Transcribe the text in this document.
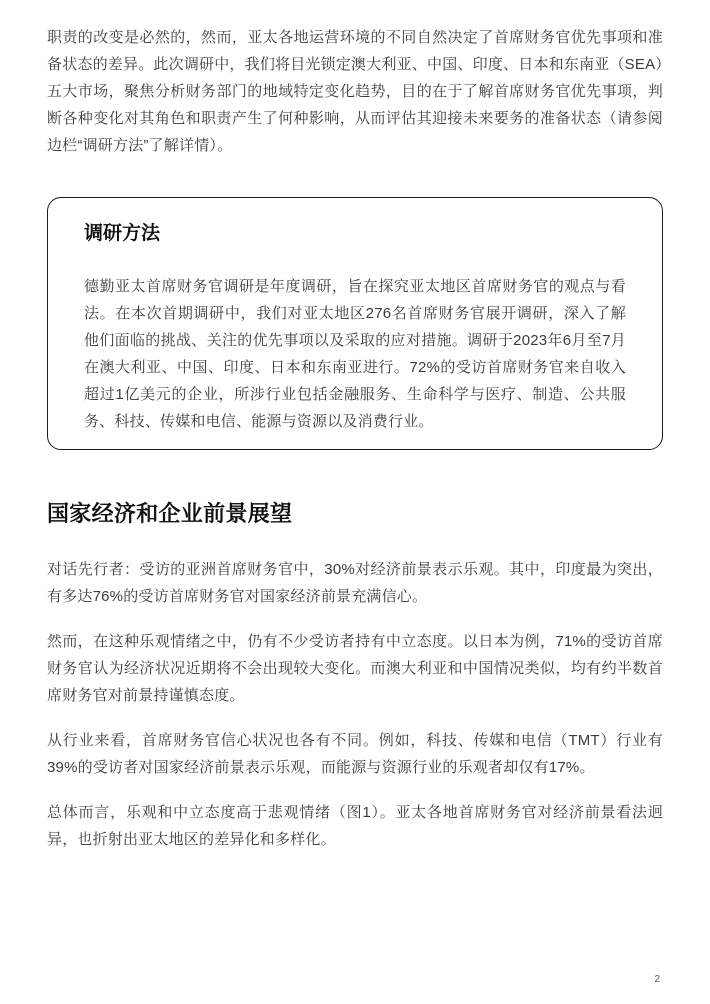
职责的改变是必然的，然而，亚太各地运营环境的不同自然决定了首席财务官优先事项和准备状态的差异。此次调研中，我们将目光锁定澳大利亚、中国、印度、日本和东南亚（SEA）五大市场，聚焦分析财务部门的地域特定变化趋势，目的在于了解首席财务官优先事项，判断各种变化对其角色和职责产生了何种影响，从而评估其迎接未来要务的准备状态（请参阅边栏“调研方法”了解详情）。

调研方法

德勤亚太首席财务官调研是年度调研，旨在探究亚太地区首席财务官的观点与看法。在本次首期调研中，我们对亚太地区276名首席财务官展开调研，深入了解他们面临的挑战、关注的优先事项以及采取的应对措施。调研于2023年6月至7月在澳大利亚、中国、印度、日本和东南亚进行。72%的受访首席财务官来自收入超过1亿美元的企业，所涉行业包括金融服务、生命科学与医疗、制造、公共服务、科技、传媒和电信、能源与资源以及消费行业。

国家经济和企业前景展望

对话先行者：受访的亚洲首席财务官中，30%对经济前景表示乐观。其中，印度最为突出，有多达76%的受访首席财务官对国家经济前景充满信心。

然而，在这种乐观情绪之中，仍有不少受访者持有中立态度。以日本为例，71%的受访首席财务官认为经济状况近期将不会出现较大变化。而澳大利亚和中国情况类似，均有约半数首席财务官对前景持谨慎态度。

从行业来看，首席财务官信心状况也各有不同。例如，科技、传媒和电信（TMT）行业有39%的受访者对国家经济前景表示乐观，而能源与资源行业的乐观者却仅有17%。

总体而言，乐观和中立态度高于悲观情绪（图1）。亚太各地首席财务官对经济前景看法迥异，也折射出亚太地区的差异化和多样化。

2
